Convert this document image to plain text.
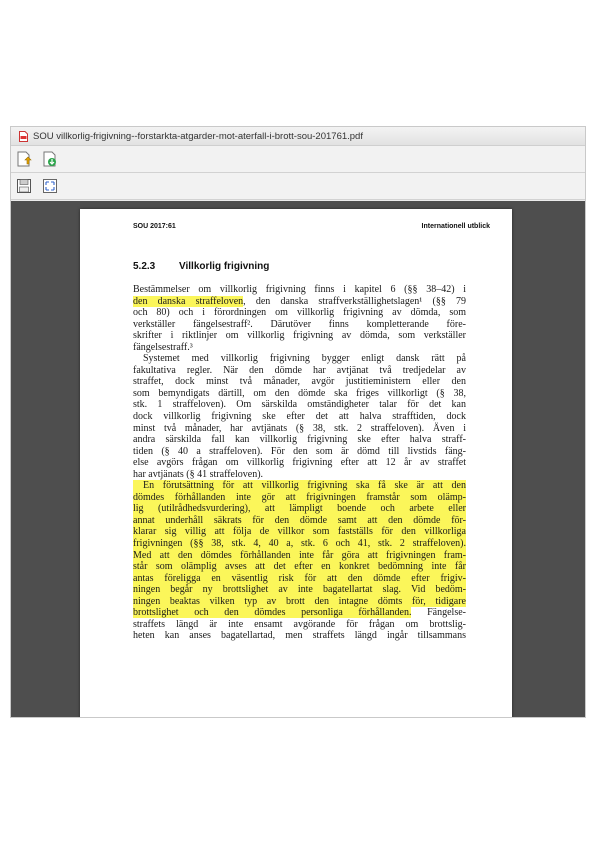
SOU villkorlig-frigivning--forstarkta-atgarder-mot-aterfall-i-brott-sou-201761.pdf
SOU 2017:61	Internationell utblick
5.2.3 Villkorlig frigivning

Bestämmelser om villkorlig frigivning finns i kapitel 6 (§§ 38–42) i
den danska straffeloven, den danska straffverkställighetslagen¹ (§§ 79
och 80) och i förordningen om villkorlig frigivning av dömda, som
verkställer fängelsestraff². Därutöver finns kompletterande före-
skrifter i riktlinjer om villkorlig frigivning av dömda, som verkställer
fängelsestraff.³

Systemet med villkorlig frigivning bygger enligt dansk rätt på
fakultativa regler. När den dömde har avtjänat två tredjedelar av
straffet, dock minst två månader, avgör justitieministern eller den
som bemyndigats därtill, om den dömde ska friges villkorligt (§ 38,
stk. 1 straffeloven). Om särskilda omständigheter talar för det kan
dock villkorlig frigivning ske efter det att halva strafftiden, dock
minst två månader, har avtjänats (§ 38, stk. 2 straffeloven). Även i
andra särskilda fall kan villkorlig frigivning ske efter halva straff-
tiden (§ 40 a straffeloven). För den som är dömd till livstids fäng-
else avgörs frågan om villkorlig frigivning efter att 12 år av straffet
har avtjänats (§ 41 straffeloven).

En förutsättning för att villkorlig frigivning ska få ske är att den
dömdes förhållanden inte gör att frigivningen framstår som olämp-
lig (utilrådhedsvurdering), att lämpligt boende och arbete eller
annat underhåll säkrats för den dömde samt att den dömde för-
klarar sig villig att följa de villkor som fastställs för den villkorliga
frigivningen (§§ 38, stk. 4, 40 a, stk. 6 och 41, stk. 2 straffeloven).
Med att den dömdes förhållanden inte får göra att frigivningen fram-
står som olämplig avses att det efter en konkret bedömning inte får
antas föreligga en väsentlig risk för att den dömde efter frigiv-
ningen begår ny brottslighet av inte bagatellartat slag. Vid bedöm-
ningen beaktas vilken typ av brott den intagne dömts för, tidigare
brottslighet och den dömdes personliga förhållanden. Fängelse-
straffets längd är inte ensamt avgörande för frågan om brottslig-
heten kan anses bagatellartad, men straffets längd ingår tillsammans
